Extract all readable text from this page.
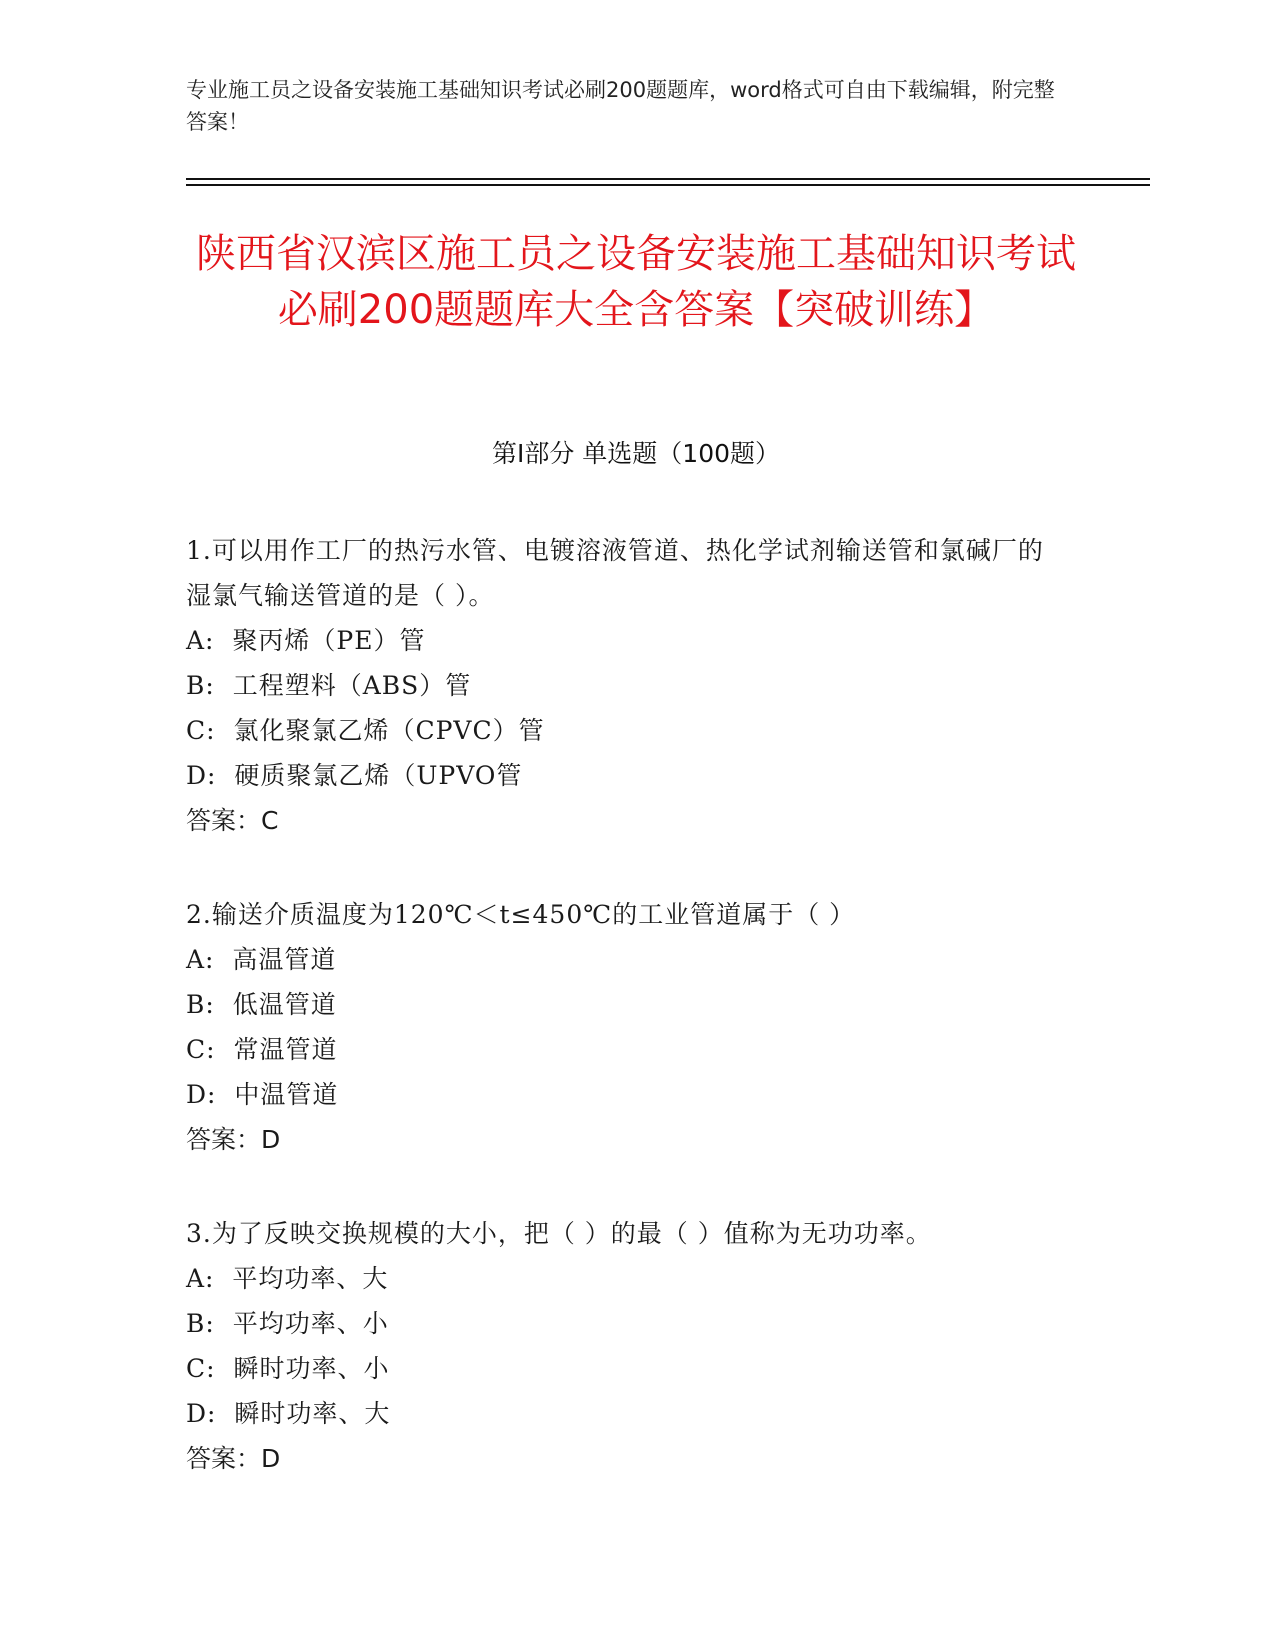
专业施工员之设备安装施工基础知识考试必刷200题题库，word格式可自由下载编辑，附完整答案！
陕西省汉滨区施工员之设备安装施工基础知识考试必刷200题题库大全含答案【突破训练】
第Ⅰ部分 单选题（100题）

1.可以用作工厂的热污水管、电镀溶液管道、热化学试剂输送管和氯碱厂的湿氯气输送管道的是（ ）。

A:  聚丙烯（PE）管

B:  工程塑料（ABS）管

C:  氯化聚氯乙烯（CPVC）管

D:  硬质聚氯乙烯（UPVO管

答案：C

2.输送介质温度为120℃＜t≤450℃的工业管道属于（ ）

A:  高温管道

B:  低温管道

C:  常温管道

D:  中温管道

答案：D

3.为了反映交换规模的大小，把（ ）的最（ ）值称为无功功率。

A:  平均功率、大

B:  平均功率、小

C:  瞬时功率、小

D:  瞬时功率、大

答案：D
